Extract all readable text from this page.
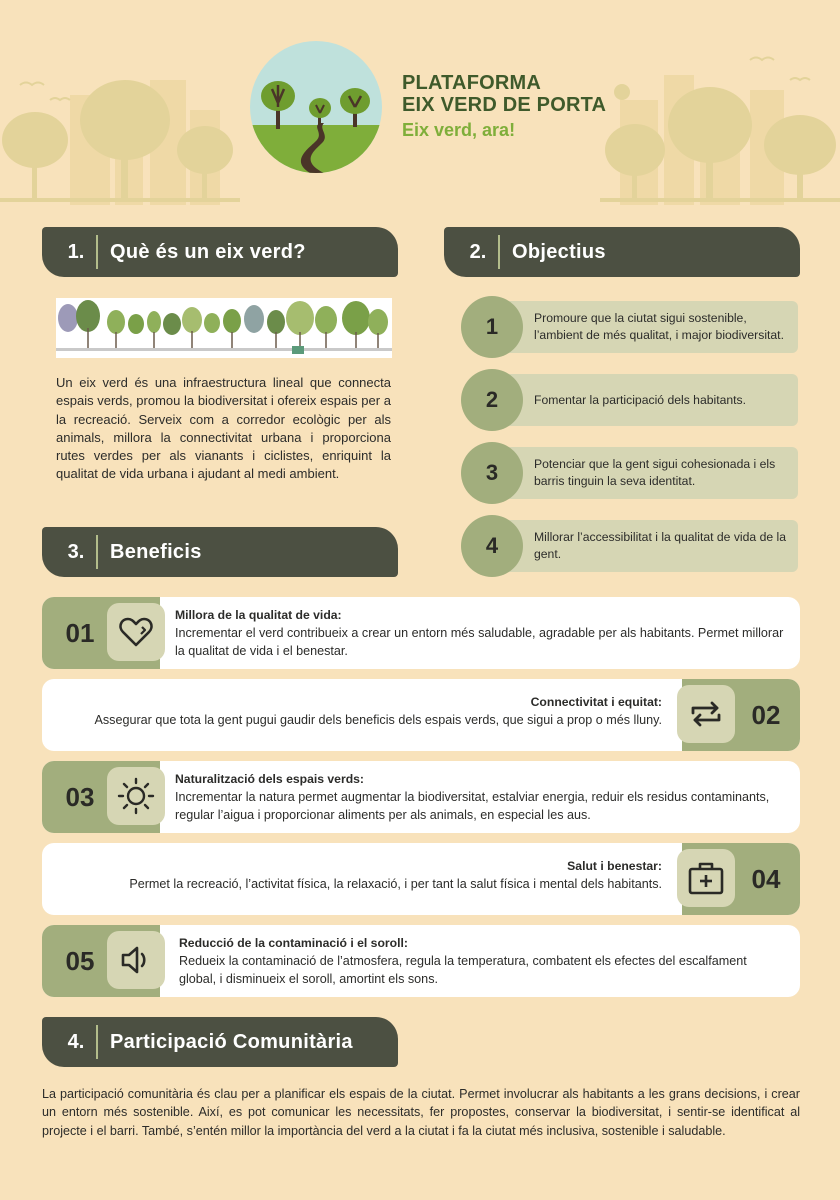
PLATAFORMA
EIX VERD DE PORTA
Eix verd, ara!
1.	Què és un eix verd?

Un eix verd és una infraestructura lineal que connecta espais verds, promou la biodiversitat i ofereix espais per a la recreació. Serveix com a corredor ecològic per als animals, millora la connectivitat urbana i proporciona rutes verdes per als vianants i ciclistes, enriquint la qualitat de vida urbana i ajudant al medi ambient.

2.	Objectius
Promoure que la ciutat sigui sostenible, l’ambient de més qualitat, i major biodiversitat.
1
Fomentar la participació dels habitants.
2
Potenciar que la gent sigui cohesionada i els barris tinguin la seva identitat.
3
Millorar l’accessibilitat i la qualitat de vida de la gent.
4
3.	Beneficis
01
Millora de la qualitat de vida:
Incrementar el verd contribueix a crear un entorn més saludable, agradable per als habitants. Permet millorar la qualitat de vida i el benestar.
02
Connectivitat i equitat:
Assegurar que tota la gent pugui gaudir dels beneficis dels espais verds, que sigui a prop o més lluny.
03
Naturalització dels espais verds:
Incrementar la natura permet augmentar la biodiversitat, estalviar energia, reduir els residus contaminants, regular l’aigua i proporcionar aliments per als animals, en especial les aus.
04
Salut i benestar:
Permet la recreació, l’activitat física, la relaxació, i per tant la salut física i mental dels habitants.
05
Reducció de la contaminació i el soroll:
Redueix la contaminació de l’atmosfera, regula la temperatura, combatent els efectes del escalfament global, i disminueix el soroll, amortint els sons.
4.	Participació Comunitària

La participació comunitària és clau per a planificar els espais de la ciutat. Permet involucrar als habitants a les grans decisions, i crear un entorn més sostenible. Així, es pot comunicar les necessitats, fer propostes, conservar la biodiversitat, i sentir-se identificat al projecte i el barri. També, s’entén millor la importància del verd a la ciutat i fa la ciutat més inclusiva, sostenible i saludable.
